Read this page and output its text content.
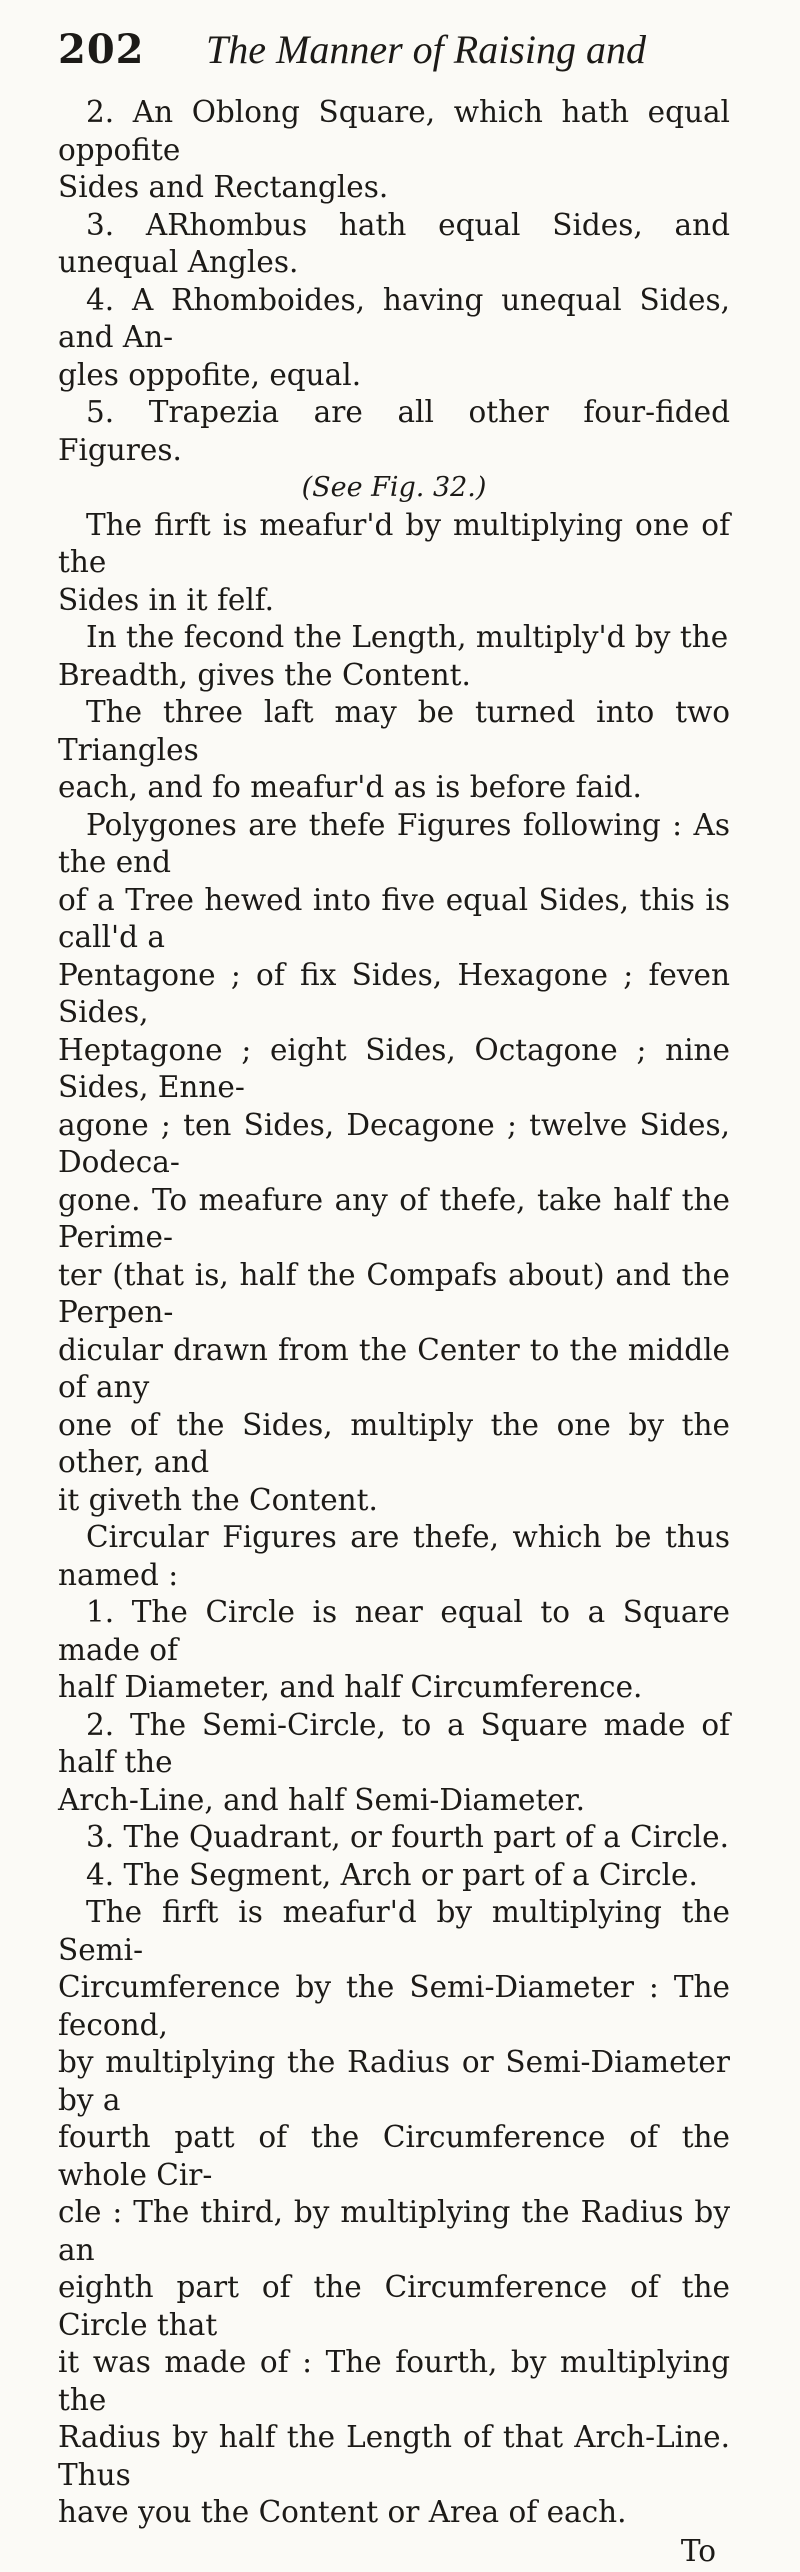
202 The Manner of Raising and

2. An Oblong Square, which hath equal oppofite

Sides and Rectangles.

3. ARhombus hath equal Sides, and unequal Angles.

4. A Rhomboides, having unequal Sides, and An-

gles oppofite, equal.

5. Trapezia are all other four-fided Figures.

(See Fig. 32.)

The firft is meafur'd by multiplying one of the

Sides in it felf.

In the fecond the Length, multiply'd by the

Breadth, gives the Content.

The three laft may be turned into two Triangles

each, and fo meafur'd as is before faid.

Polygones are thefe Figures following : As the end

of a Tree hewed into five equal Sides, this is call'd a

Pentagone ; of fix Sides, Hexagone ; feven Sides,

Heptagone ; eight Sides, Octagone ; nine Sides, Enne-

agone ; ten Sides, Decagone ; twelve Sides, Dodeca-

gone. To meafure any of thefe, take half the Perime-

ter (that is, half the Compafs about) and the Perpen-

dicular drawn from the Center to the middle of any

one of the Sides, multiply the one by the other, and

it giveth the Content.

Circular Figures are thefe, which be thus named :

1. The Circle is near equal to a Square made of

half Diameter, and half Circumference.

2. The Semi-Circle, to a Square made of half the

Arch-Line, and half Semi-Diameter.

3. The Quadrant, or fourth part of a Circle.

4. The Segment, Arch or part of a Circle.

The firft is meafur'd by multiplying the Semi-

Circumference by the Semi-Diameter : The fecond,

by multiplying the Radius or Semi-Diameter by a

fourth patt of the Circumference of the whole Cir-

cle : The third, by multiplying the Radius by an

eighth part of the Circumference of the Circle that

it was made of : The fourth, by multiplying the

Radius by half the Length of that Arch-Line. Thus

have you the Content or Area of each.

To
